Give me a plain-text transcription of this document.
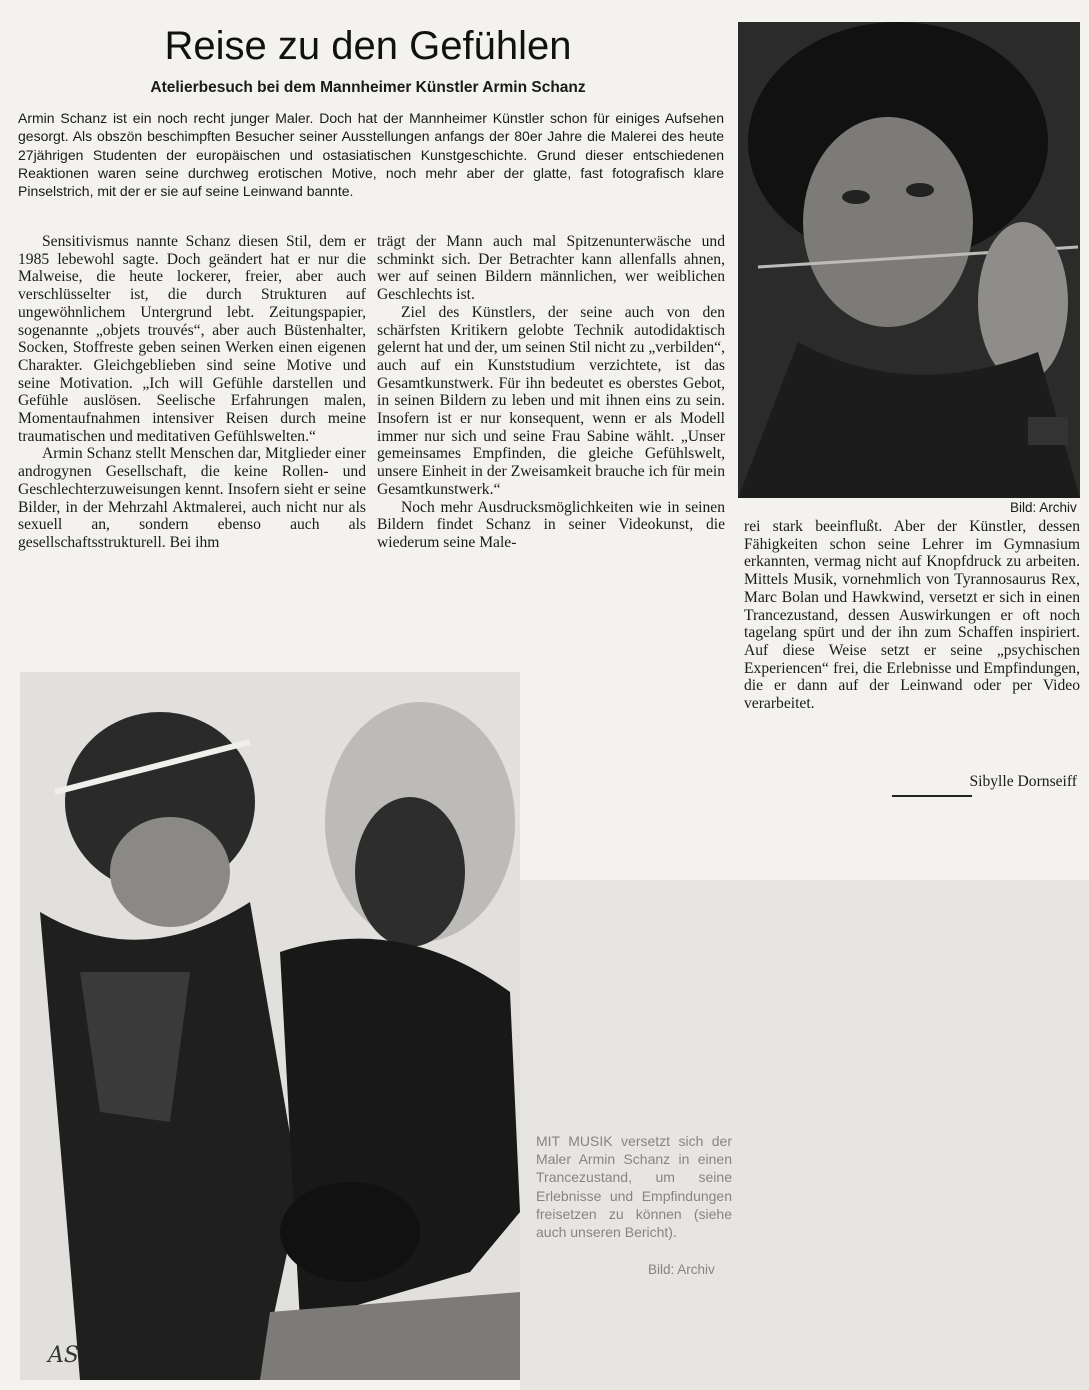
Reise zu den Gefühlen
Atelierbesuch bei dem Mannheimer Künstler Armin Schanz

Armin Schanz ist ein noch recht junger Maler. Doch hat der Mannheimer Künstler schon für einiges Aufsehen gesorgt. Als obszön beschimpften Besucher seiner Ausstellungen anfangs der 80er Jahre die Malerei des heute 27jährigen Studenten der europäischen und ostasiatischen Kunstgeschichte. Grund dieser entschiedenen Reaktionen waren seine durchweg erotischen Motive, noch mehr aber der glatte, fast fotografisch klare Pinselstrich, mit der er sie auf seine Leinwand bannte.

Sensitivismus nannte Schanz diesen Stil, dem er 1985 lebewohl sagte. Doch geändert hat er nur die Malweise, die heute lockerer, freier, aber auch verschlüsselter ist, die durch Strukturen auf ungewöhnlichem Untergrund lebt. Zeitungspapier, sogenannte „objets trouvés“, aber auch Büstenhalter, Socken, Stoffreste geben seinen Werken einen eigenen Charakter. Gleichgeblieben sind seine Motive und seine Motivation. „Ich will Gefühle darstellen und Gefühle auslösen. Seelische Erfahrungen malen, Momentaufnahmen intensiver Reisen durch meine traumatischen und meditativen Gefühlswelten.“

Armin Schanz stellt Menschen dar, Mitglieder einer androgynen Gesellschaft, die keine Rollen- und Geschlechterzuweisungen kennt. Insofern sieht er seine Bilder, in der Mehrzahl Aktmalerei, auch nicht nur als sexuell an, sondern ebenso auch als gesellschaftsstrukturell. Bei ihm

trägt der Mann auch mal Spitzenunterwäsche und schminkt sich. Der Betrachter kann allenfalls ahnen, wer auf seinen Bildern männlichen, wer weiblichen Geschlechts ist.

Ziel des Künstlers, der seine auch von den schärfsten Kritikern gelobte Technik autodidaktisch gelernt hat und der, um seinen Stil nicht zu „verbilden“, auch auf ein Kunststudium verzichtete, ist das Gesamtkunstwerk. Für ihn bedeutet es oberstes Gebot, in seinen Bildern zu leben und mit ihnen eins zu sein. Insofern ist er nur konsequent, wenn er als Modell immer nur sich und seine Frau Sabine wählt. „Unser gemeinsames Empfinden, die gleiche Gefühlswelt, unsere Einheit in der Zweisamkeit brauche ich für mein Gesamtkunstwerk.“

Noch mehr Ausdrucksmöglichkeiten wie in seinen Bildern findet Schanz in seiner Videokunst, die wiederum seine Male-

Bild: Archiv

rei stark beeinflußt. Aber der Künstler, dessen Fähigkeiten schon seine Lehrer im Gymnasium erkannten, vermag nicht auf Knopfdruck zu arbeiten. Mittels Musik, vornehmlich von Tyrannosaurus Rex, Marc Bolan und Hawkwind, versetzt er sich in einen Trancezustand, dessen Auswirkungen er oft noch tagelang spürt und der ihn zum Schaffen inspiriert. Auf diese Weise setzt er seine „psychischen Experiencen“ frei, die Erlebnisse und Empfindungen, die er dann auf der Leinwand oder per Video verarbeitet.

Sibylle Dornseiff
AS
